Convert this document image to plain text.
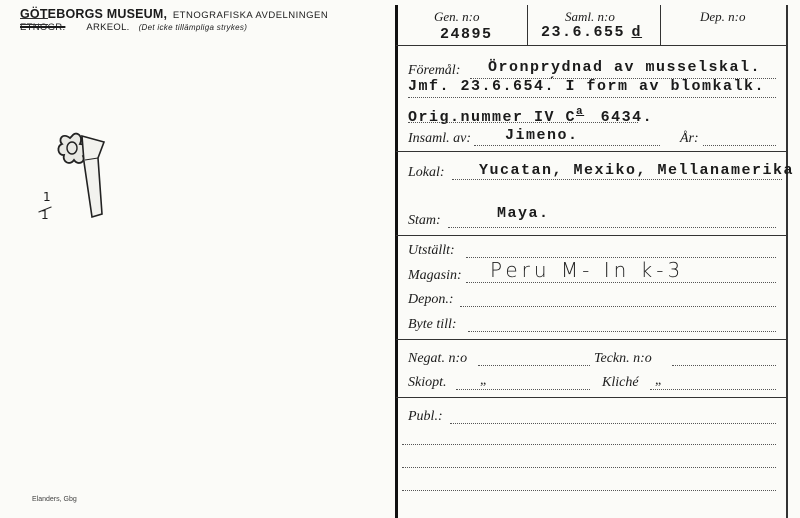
GÖTEBORGS MUSEUM, ETNOGRAFISKA AVDELNINGEN
ETNOGR. ARKEOL. (Det icke tillämpliga strykes)
1
1
Elanders, Gbg
Gen. n:o
24895
Saml. n:o
23.6.655 d
Dep. n:o
Föremål: Öronprydnad av musselskal.
Jmf. 23.6.654.́ I form av blomkalk.
Orig.nummer IV $C^a$ 6434.
Insaml. av: Jimeno.	År:
Lokal: Yucatan, Mexiko, Mellanamerika
Stam:	Maya.
Utställt:
Magasin: Peru M- In k-3
Depon.:
Byte till:
Negat. n:o	Teckn. n:o
Skiopt. „	Kliché „
Publ.:
